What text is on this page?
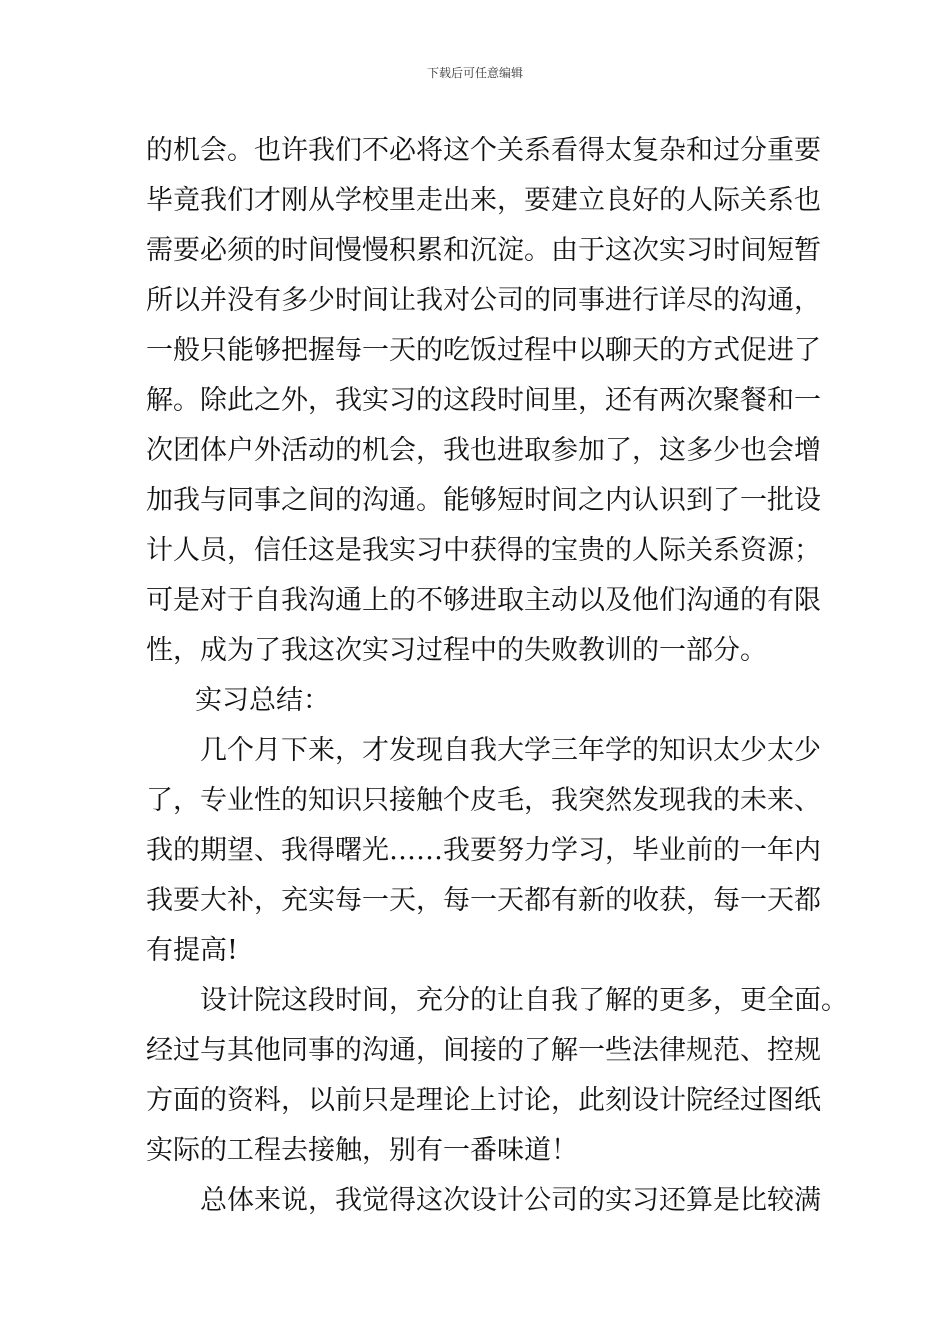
下载后可任意编辑
的机会。也许我们不必将这个关系看得太复杂和过分重要
毕竟我们才刚从学校里走出来，要建立良好的人际关系也
需要必须的时间慢慢积累和沉淀。由于这次实习时间短暂
所以并没有多少时间让我对公司的同事进行详尽的沟通，
一般只能够把握每一天的吃饭过程中以聊天的方式促进了
解。除此之外，我实习的这段时间里，还有两次聚餐和一
次团体户外活动的机会，我也进取参加了，这多少也会增
加我与同事之间的沟通。能够短时间之内认识到了一批设
计人员，信任这是我实习中获得的宝贵的人际关系资源；
可是对于自我沟通上的不够进取主动以及他们沟通的有限
性，成为了我这次实习过程中的失败教训的一部分。
实习总结：
几个月下来，才发现自我大学三年学的知识太少太少
了，专业性的知识只接触个皮毛，我突然发现我的未来、
我的期望、我得曙光……我要努力学习，毕业前的一年内
我要大补，充实每一天，每一天都有新的收获，每一天都
有提高!
设计院这段时间，充分的让自我了解的更多，更全面。
经过与其他同事的沟通，间接的了解一些法律规范、控规
方面的资料，以前只是理论上讨论，此刻设计院经过图纸
实际的工程去接触，别有一番味道！
总体来说，我觉得这次设计公司的实习还算是比较满
